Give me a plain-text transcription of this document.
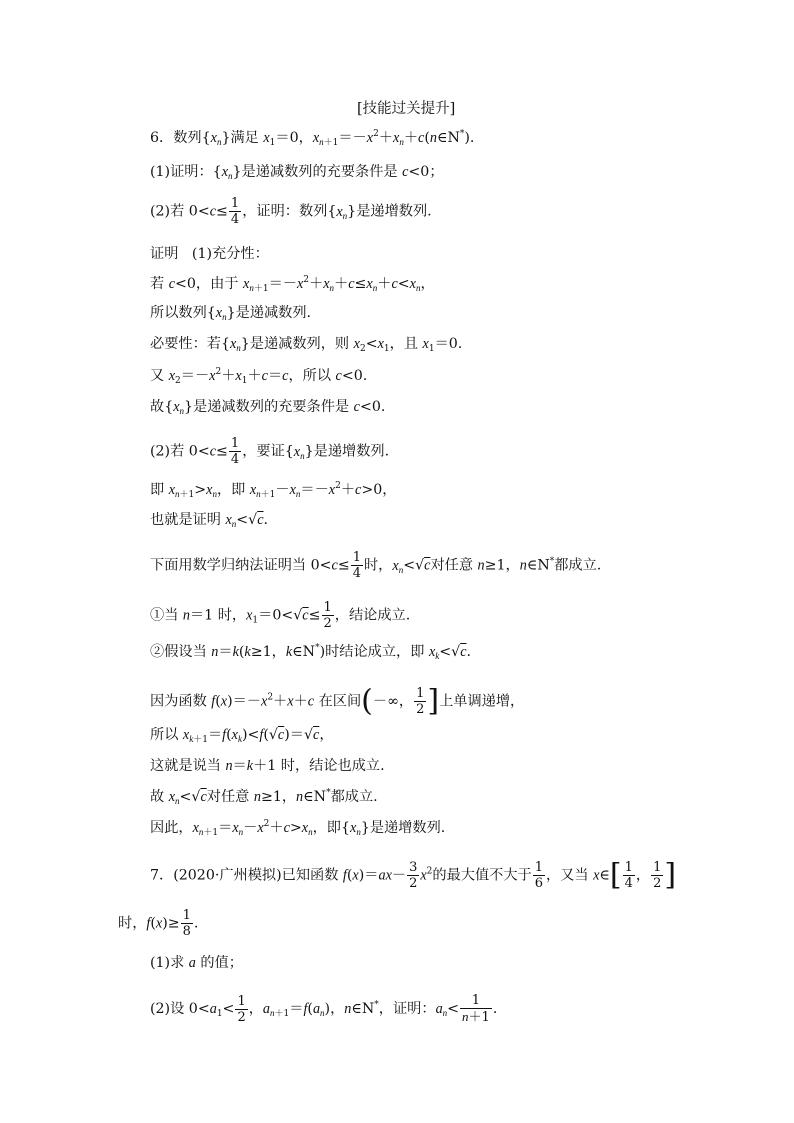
[技能过关提升]
6．数列$\{x_n\}$满足 $x_1=0$，$x_{n+1}=-x^2+x_n+c(n\in N^*)$.
(1)证明：$\{x_n\}$是递减数列的充要条件是 c<0；
(2)若 $0<c\le \frac{1}{4}$ ，证明：数列$\{x_n\}$是递增数列.
证明   (1)充分性：
若 c<0，由于 $x_{n+1}=-x^2+x_n+c\le x_n+c<x_n$，
所以数列$\{x_n\}$是递减数列.
必要性：若$\{x_n\}$是递减数列，则 $x_2<x_1$，且 $x_1=0$.
又 $x_2=-x^2+x_1+c=c$，所以 c<0.
故$\{x_n\}$是递减数列的充要条件是 c<0.
(2)若 $0<c\le \frac{1}{4}$ ，要证$\{x_n\}$是递增数列.
即 $x_{n+1}>x_n$，即 $x_{n+1}-x_n=-x^2+c>0$，
也就是证明 $x_n<√c$.
下面用数学归纳法证明当 $0<c\le \frac{1}{4}$ 时，$x_n<√c$对任意 n≥1，n∈N*都成立.
①当 n＝1 时，$x_1=0<√c\le \frac{1}{2}$ ，结论成立.
②假设当 n＝k(k≥1，k∈N*)时结论成立，即 $x_k<√c$.
因为函数 $f(x)=-x^2+x+c$ 在区间(－∞， $\frac{1}{2}$ ]上单调递增，
所以 $x_{k+1}=f(x_k)<f(√c)=√c$，
这就是说当 n＝k＋1 时，结论也成立.
故 $x_n<√c$对任意 n≥1，n∈N*都成立.
因此，$x_{n+1}=x_n-x^2+c>x_n$，即$\{x_n\}$是递增数列.
7．(2020·广州模拟)已知函数 $f(x)=ax- \frac{3}{2} x^2$的最大值不大于 $\frac{1}{6}$ ，又当 x∈[ $\frac{1}{4}$ ， $\frac{1}{2}$ ]
时，$f(x)\ge \frac{1}{8}$ .
(1)求 a 的值；
(2)设 $0<a_1< \frac{1}{2}$ ，$a_{n+1}=f(a_n)$，n∈N*，证明：$a_n< \frac{1}{n+1}$ .
